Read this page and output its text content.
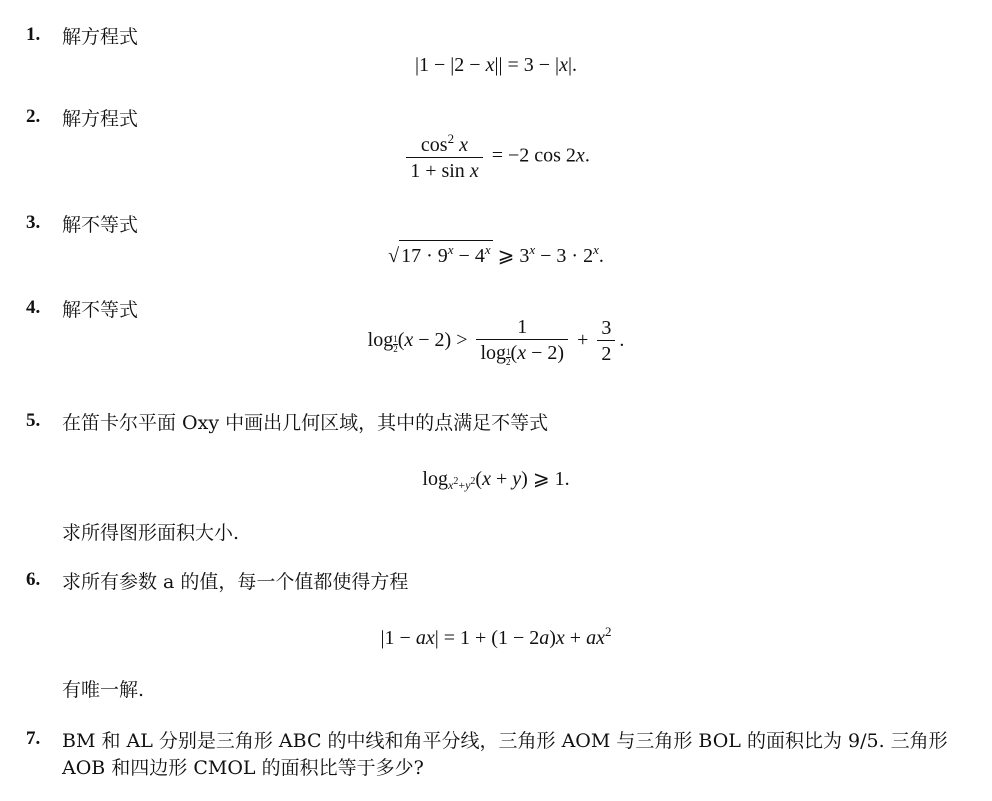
1. 解方程式
|1 − |2 − x|| = 3 − |x|.
2. 解方程式
$\frac{\cos^2 x}{\text{1 + sin x}} = -2$ cos 2x.
3. 解不等式
√ $17 \cdot 9^x - 4^x$ ⩾ $3^x - 3 \cdot 2^x$.
4. 解不等式
$\log \frac{1}{2} (x - 2) > \frac{1}{\log \frac{1}{2} (x - 2)} + \frac{3}{2}$ .
5. 在笛卡尔平面 Oxy 中画出几何区域，其中的点满足不等式
求所得图形面积大小.
$\log_{x^2+y^2}(x + y)$ ⩾ 1.
6. 求所有参数 a 的值，每一个值都使得方程
有唯一解.
$|1 - ax| = 1 + (1 - 2a)x + ax^2$
7. BM 和 AL 分别是三角形 ABC 的中线和角平分线，三角形 AOM 与三角形 BOL 的面积比为 9/5. 三角形 AOB 和四边形 CMOL 的面积比等于多少?
